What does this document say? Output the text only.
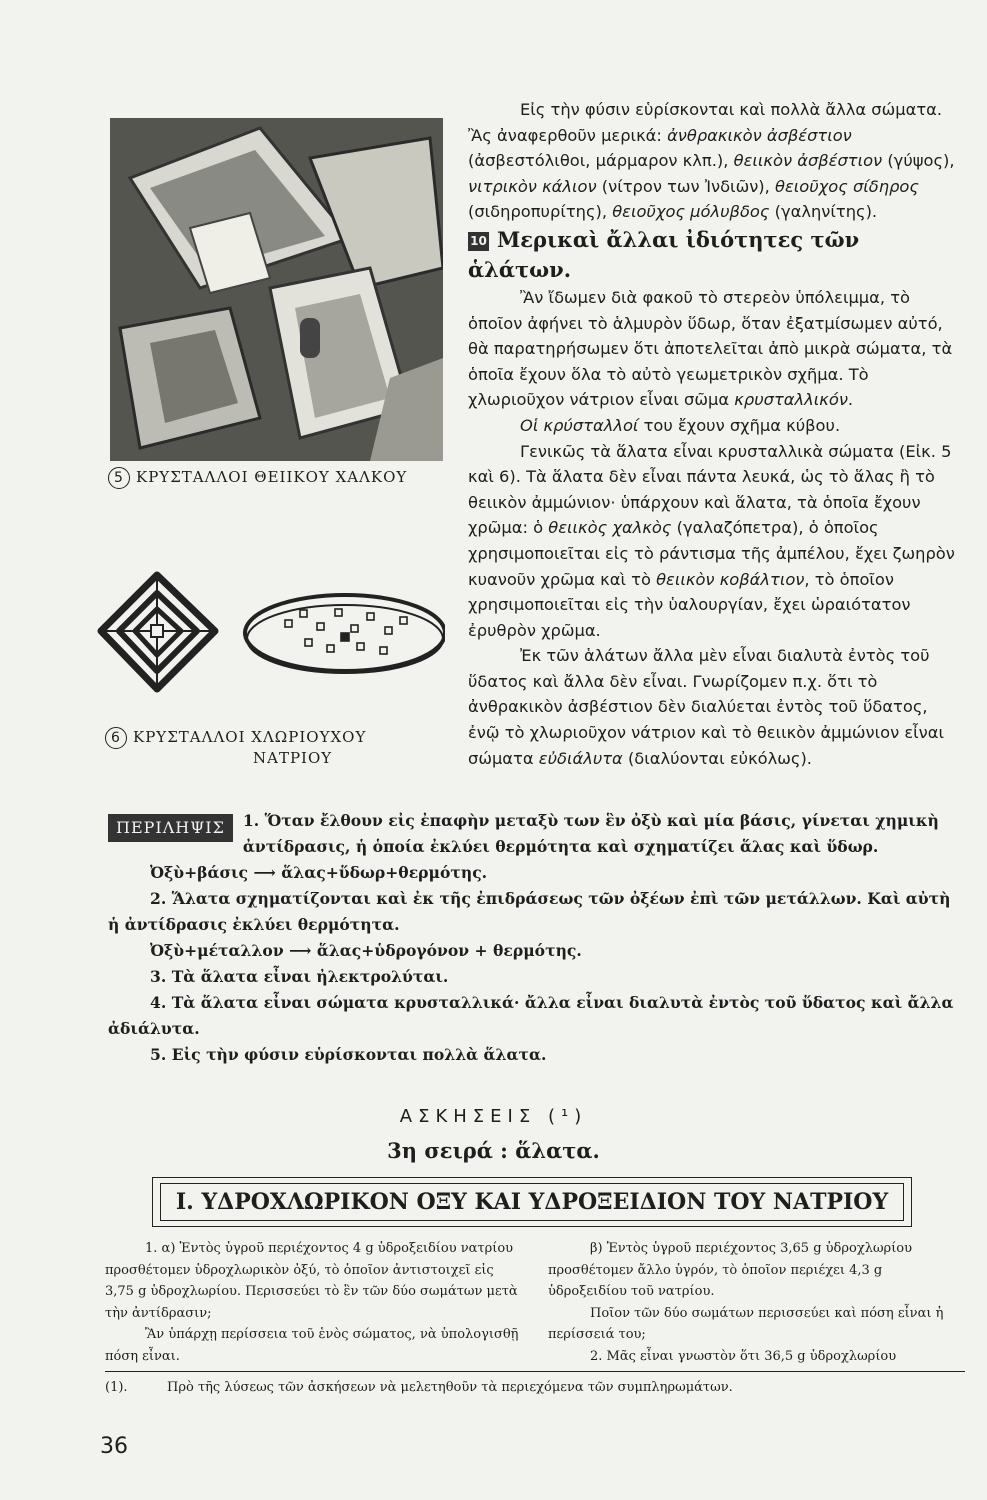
5 ΚΡΥΣΤΑΛΛΟΙ ΘΕΙΙΚΟΥ ΧΑΛΚΟΥ
6 ΚΡΥΣΤΑΛΛΟΙ ΧΛΩΡΙΟΥΧΟΥ
ΝΑΤΡΙΟΥ

Εἰς τὴν φύσιν εὑρίσκονται καὶ πολλὰ ἄλλα σώματα. Ἂς ἀναφερθοῦν μερικά: ἀνθρακικὸν ἀσβέστιον (ἀσβεστόλιθοι, μάρμαρον κλπ.), θειικὸν ἀσβέστιον (γύψος), νιτρικὸν κάλιον (νίτρον των Ἰνδιῶν), θειοῦχος σίδηρος (σιδηροπυρίτης), θειοῦχος μόλυβδος (γαληνίτης).

10 Μερικαὶ ἄλλαι ἰδιότητες τῶν ἁλάτων.

Ἂν ἴδωμεν διὰ φακοῦ τὸ στερεὸν ὑπόλειμμα, τὸ ὁποῖον ἀφήνει τὸ ἁλμυρὸν ὕδωρ, ὅταν ἐξατμίσωμεν αὐτό, θὰ παρατηρήσωμεν ὅτι ἀποτελεῖται ἀπὸ μικρὰ σώματα, τὰ ὁποῖα ἔχουν ὅλα τὸ αὐτὸ γεωμετρικὸν σχῆμα. Τὸ χλωριοῦχον νάτριον εἶναι σῶμα κρυσταλλικόν.

Οἱ κρύσταλλοί του ἔχουν σχῆμα κύβου.

Γενικῶς τὰ ἅλατα εἶναι κρυσταλλικὰ σώματα (Εἰκ. 5 καὶ 6). Τὰ ἅλατα δὲν εἶναι πάντα λευκά, ὡς τὸ ἅλας ἢ τὸ θειικὸν ἀμμώνιον· ὑπάρχουν καὶ ἅλατα, τὰ ὁποῖα ἔχουν χρῶμα: ὁ θειικὸς χαλκὸς (γαλαζόπετρα), ὁ ὁποῖος χρησιμοποιεῖται εἰς τὸ ράντισμα τῆς ἀμπέλου, ἔχει ζωηρὸν κυανοῦν χρῶμα καὶ τὸ θειικὸν κοβάλτιον, τὸ ὁποῖον χρησιμοποιεῖται εἰς τὴν ὑαλουργίαν, ἔχει ὡραιότατον ἐρυθρὸν χρῶμα.

Ἐκ τῶν ἁλάτων ἄλλα μὲν εἶναι διαλυτὰ ἐντὸς τοῦ ὕδατος καὶ ἄλλα δὲν εἶναι. Γνωρίζομεν π.χ. ὅτι τὸ ἀνθρακικὸν ἀσβέστιον δὲν διαλύεται ἐντὸς τοῦ ὕδατος, ἐνῷ τὸ χλωριοῦχον νάτριον καὶ τὸ θειικὸν ἀμμώνιον εἶναι σώματα εὐδιάλυτα (διαλύονται εὐκόλως).

ΠΕΡΙΛΗΨΙΣ	1. Ὅταν ἔλθουν εἰς ἐπαφὴν μεταξὺ των ἓν ὀξὺ καὶ μία βάσις, γίνεται χημικὴ ἀντίδρασις, ἡ ὁποία ἐκλύει θερμότητα καὶ σχηματίζει ἅλας καὶ ὕδωρ.

Ὀξὺ+βάσις ⟶ ἅλας+ὕδωρ+θερμότης.

2. Ἅλατα σχηματίζονται καὶ ἐκ τῆς ἐπιδράσεως τῶν ὀξέων ἐπὶ τῶν μετάλλων. Καὶ αὐτὴ ἡ ἀντίδρασις ἐκλύει θερμότητα.

Ὀξὺ+μέταλλον ⟶ ἅλας+ὑδρογόνον + θερμότης.

3. Τὰ ἅλατα εἶναι ἠλεκτρολύται.

4. Τὰ ἅλατα εἶναι σώματα κρυσταλλικά· ἄλλα εἶναι διαλυτὰ ἐντὸς τοῦ ὕδατος καὶ ἄλλα ἀδιάλυτα.

5. Εἰς τὴν φύσιν εὑρίσκονται πολλὰ ἅλατα.

ΑΣΚΗΣΕΙΣ (¹)
3η σειρά : ἅλατα.
Ι. ΥΔΡΟΧΛΩΡΙΚΟΝ ΟΞΥ ΚΑΙ ΥΔΡΟΞΕΙΔΙΟΝ ΤΟΥ ΝΑΤΡΙΟΥ
1. α) Ἐντὸς ὑγροῦ περιέχοντος 4 g ὑδροξειδίου νατρίου προσθέτομεν ὑδροχλωρικὸν ὀξύ, τὸ ὁποῖον ἀντιστοιχεῖ εἰς 3,75 g ὑδροχλωρίου. Περισσεύει τὸ ἓν τῶν δύο σωμάτων μετὰ τὴν ἀντίδρασιν;
Ἂν ὑπάρχῃ περίσσεια τοῦ ἑνὸς σώματος, νὰ ὑπολογισθῇ πόση εἶναι.
β) Ἐντὸς ὑγροῦ περιέχοντος 3,65 g ὑδροχλωρίου προσθέτομεν ἄλλο ὑγρόν, τὸ ὁποῖον περιέχει 4,3 g ὑδροξειδίου τοῦ νατρίου.
Ποῖον τῶν δύο σωμάτων περισσεύει καὶ πόση εἶναι ἡ περίσσειά του;
2. Μᾶς εἶναι γνωστὸν ὅτι 36,5 g ὑδροχλωρίου
(1).	Πρὸ τῆς λύσεως τῶν ἀσκήσεων νὰ μελετηθοῦν τὰ περιεχόμενα τῶν συμπληρωμάτων.
36
